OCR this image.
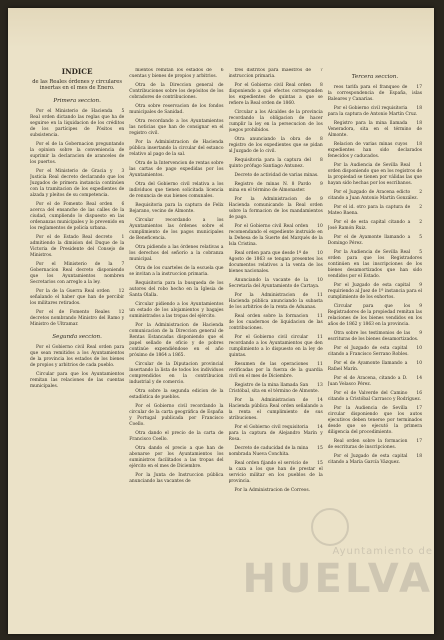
INDICE
de las Reales órdenes y circulares insertas en el mes de Enero.
Primera seccion.

5
Por el Ministerio de Hacienda Real orden dictando las reglas que ha de seguirse en la liquidacion de los créditos de los partícipes de Pósitos en subsistencia.

Por el de la Gobernacion preguntando la opinion sobre la conveniencia de suprimir la declaracion de aranceles de los puertos.

3
Por el Ministerio de Gracia y Justicia Real decreto declarando que los Juzgados de primera instancia continúen con la tramitacion de los expedientes de alzada y pleitos de su competencia.

6
Por el de Fomento Real orden acerca del ensanche de las calles de la ciudad, cumpliendo lo dispuesto en las ordenanzas municipales y lo prevenido en los reglamentos de policía urbana.

1
Por el de Estado Real decreto admitiendo la dimision del Duque de la Victoria de Presidente del Consejo de Ministros.

7
Por el Ministerio de la Gobernacion Real decreto disponiendo que los Ayuntamientos nombren Secretarios con arreglo a la ley.

12
Por la de la Guerra Real orden señalando el haber que han de percibir los militares retirados.

12
Por el de Fomento Reales decretos nombrando Ministro del Ramo y Ministro de Ultramar.

Segunda seccion.

Por el Gobierno civil Real orden para que sean remitidos a los Ayuntamientos de la provincia los estados de los bienes de propios y arbitrios de cada pueblo.

Circular para que los Ayuntamientos remitan las relaciones de las cuentas municipales.

6
mientos remitan los estados de cuentas y bienes de propios y arbitrios.

Otra de la Direccion general de Contribuciones sobre los depósitos de los cobradores de contribuciones.

Otra sobre reservacion de los fondos municipales de Sanidad.

Otra recordando a los Ayuntamientos las noticias que han de consignar en el registro civil.

Por la Administracion de Hacienda pública insertando la circular del estanco relativo al pago de la sal.

Otra de la Intervencion de rentas sobre las cartas de pago expedidas por los Ayuntamientos.

Otra del Gobierno civil relativa a los individuos que tienen solicitada licencia de renuncia de sus bienes comunales.

Requisitoria para la captura de Felix Bejarano, vecino de Almonte.

Circular recordando a los Ayuntamientos las órdenes sobre el cumplimiento de los pagos municipales de Beneficencia.

Otra pidiendo a las órdenes relativas a los derechos del señorío a la cobranza municipal.

Otra de los cuarteles de la escuela que se invitan a la instruccion primaria.

Requisitoria para la busqueda de los autores del robo hecho en la Iglesia de Santa Olalla.

Circular pidiendo a los Ayuntamientos un estado de los alojamientos y bagajes suministrados a las tropas del ejército.

Por la Administracion de Hacienda comunicacion de la Direccion general de Rentas Estancadas disponiendo que el papel sellado de oficio y de pobres continúe expendiéndose en el año próximo de 1864 a 1865.

Circular de la Diputacion provincial insertando la lista de todos los individuos comprendidos en la contribucion industrial y de comercio.

Otra sobre la segunda edicion de la estadística de pueblos.

Por el Gobierno civil recordando la circular de la carta geográfica de España y Portugal publicada por Francisco Coello.

Otra dando el precio de la carta de Francisco Coello.

Otra dando el precio a que han de abonarse por los Ayuntamientos los suministros facilitados a las tropas del ejército en el mes de Diciembre.

Por la Junta de Instruccion pública anunciando las vacantes de

7
tres distritos para maestros de instruccion primaria.

8
Por el Gobierno civil Real orden disponiendo a qué efectos corresponden los expedientes de quintas a que se refiere la Real orden de 1860.

Circular a los Alcaldes de la provincia recordando la obligacion de hacer cumplir la ley en la persecucion de los juegos prohibidos.

8
Otra anunciando la obra de registro de los expedientes que se pidan al Juzgado de lo civil.

8
Requisitoria para la captura del quinto prófugo Santiago Antunez.

Decreto de actividad de varias minas.

9
Registro de minas N. 8 Pardo mina en el término de Almonaster.

9
Por la Administracion de Hacienda comunicando la Real orden sobre la formacion de los mandamientos de pago.

10
Por el Gobierno civil Real orden recomendando el expediente instruido en la Dehesa de la Suerte del Marqués de la Isla Cristina.

10
Real orden para que desde 1º de Agosto de 1863 se tengan presentes los documentos relativos a la venta de los bienes nacionales.

10
Anunciando la vacante de la Secretaría del Ayuntamiento de Cartaya.

11
Por la Administracion de Hacienda pública anunciando la subasta de los arbitrios de la renta de Aduanas.

11
Real orden sobre la formacion de los cuadernos de liquidacion de las contribuciones.

11
Por el Gobierno civil circular recordando a los Ayuntamientos que den cumplimiento a lo dispuesto en la ley de quintas.

11
Resumen de las operaciones verificadas por la fuerza de la guardia civil en el mes de Diciembre.

13
Registro de la mina llamada San Cristóbal, sita en el término de Almonte.

14
Por la Administracion de Hacienda pública Real orden señalando a la renta el cumplimiento de sus atribuciones.

14
Por el Gobierno civil requisitoria para la captura de Alejandro Marín y Rosa.

15
Decreto de caducidad de la mina nombrada Nueva Conchita.

15
Real orden fijando el servicio de la caza a los que han de prestar el servicio militar en los pueblos de la provincia.

Por la Administracion de Correos.

Tercera seccion.

17
reos tarifa para el franqueo de la correspondencia de España, islas Baleares y Canarias.

18
Por el Gobierno civil requisitoria para la captura de Antonio Martín Cruz.

18
Registro para la mina llamada Veneradora, sita en el término de Almonte.

18
Relacion de varias minas cuyos expedientes han sido declarados fenecidos y caducados.

1
Por la Audiencia de Sevilla Real orden disponiendo que en los registros de la propiedad se tienen por válidas las que hayan sido hechas por los escribanos.

2
Por el Juzgado de Aracena edicto citando a Juan Antonio Martín González.

2
Por el id. otro para la captura de Mateo Baena.

2
Por el de esta capital citando a José Ramón Ruiz.

5
Por el de Ayamonte llamando a Domingo Pérez.

5
Por la Audiencia de Sevilla Real orden para que los Registradores continúen en las inscripciones de los bienes desamortizados que han sido vendidos por el Estado.

9
Por el Juzgado de esta capital requiriendo al Juez de 1ª instancia para el cumplimiento de los exhortos.

9
Circular para que los Registradores de la propiedad remitan las relaciones de los bienes vendidos en los años de 1862 y 1863 en la provincia.

9
Otra sobre los testimonios de las escrituras de los bienes desamortizados.

10
Por el Juzgado de esta capital citando a Francisco Serrano Robles.

10
Por el de Ayamonte llamando a Rafael Marín.

14
Por el de Aracena, citando a D. Juan Velasco Pérez.

16
Por el de Valverde del Camino citando a Cristóbal Carrasco y Rodríguez.

17
Por la Audiencia de Sevilla circular disponiendo que los autos ejecutivos deben tenerse por terminados desde que se ejecutó la primera diligencia del procedimiento.

17
Real orden sobre la formacion de escrituras de inscripciones.

18
Por el Juzgado de esta capital citando a María García Vázquez.

Ayuntamiento de
HUELVA
